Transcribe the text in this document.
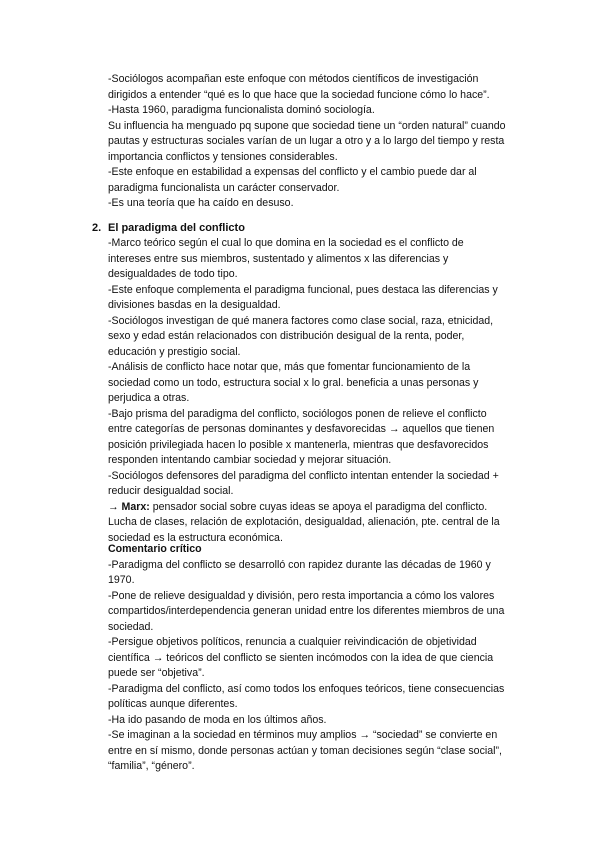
-Sociólogos acompañan este enfoque con métodos científicos de investigación
dirigidos a entender “qué es lo que hace que la sociedad funcione cómo lo hace”.
-Hasta 1960, paradigma funcionalista dominó sociología.
Su influencia ha menguado pq supone que sociedad tiene un “orden natural” cuando
pautas y estructuras sociales varían de un lugar a otro y a lo largo del tiempo y resta
importancia conflictos y tensiones considerables.
-Este enfoque en estabilidad a expensas del conflicto y el cambio puede dar al
paradigma funcionalista un carácter conservador.
-Es una teoría que ha caído en desuso.
2. El paradigma del conflicto
-Marco teórico según el cual lo que domina en la sociedad es el conflicto de
intereses entre sus miembros, sustentado y alimentos x las diferencias y
desigualdades de todo tipo.
-Este enfoque complementa el paradigma funcional, pues destaca las diferencias y
divisiones basdas en la desigualdad.
-Sociólogos investigan de qué manera factores como clase social, raza, etnicidad,
sexo y edad están relacionados con distribución desigual de la renta, poder,
educación y prestigio social.
-Análisis de conflicto hace notar que, más que fomentar funcionamiento de la
sociedad como un todo, estructura social x lo gral. beneficia a unas personas y
perjudica a otras.
-Bajo prisma del paradigma del conflicto, sociólogos ponen de relieve el conflicto
entre categorías de personas dominantes y desfavorecidas → aquellos que tienen
posición privilegiada hacen lo posible x mantenerla, mientras que desfavorecidos
responden intentando cambiar sociedad y mejorar situación.
-Sociólogos defensores del paradigma del conflicto intentan entender la sociedad +
reducir desigualdad social.
→ Marx: pensador social sobre cuyas ideas se apoya el paradigma del conflicto.
Lucha de clases, relación de explotación, desigualdad, alienación, pte. central de la
sociedad es la estructura económica.
Comentario crítico
-Paradigma del conflicto se desarrolló con rapidez durante las décadas de 1960 y
1970.
-Pone de relieve desigualdad y división, pero resta importancia a cómo los valores
compartidos/interdependencia generan unidad entre los diferentes miembros de una
sociedad.
-Persigue objetivos políticos, renuncia a cualquier reivindicación de objetividad
científica → teóricos del conflicto se sienten incómodos con la idea de que ciencia
puede ser “objetiva”.
-Paradigma del conflicto, así como todos los enfoques teóricos, tiene consecuencias
políticas aunque diferentes.
-Ha ido pasando de moda en los últimos años.
-Se imaginan a la sociedad en términos muy amplios → “sociedad” se convierte en
entre en sí mismo, donde personas actúan y toman decisiones según “clase social”,
“familia”, “género”.
